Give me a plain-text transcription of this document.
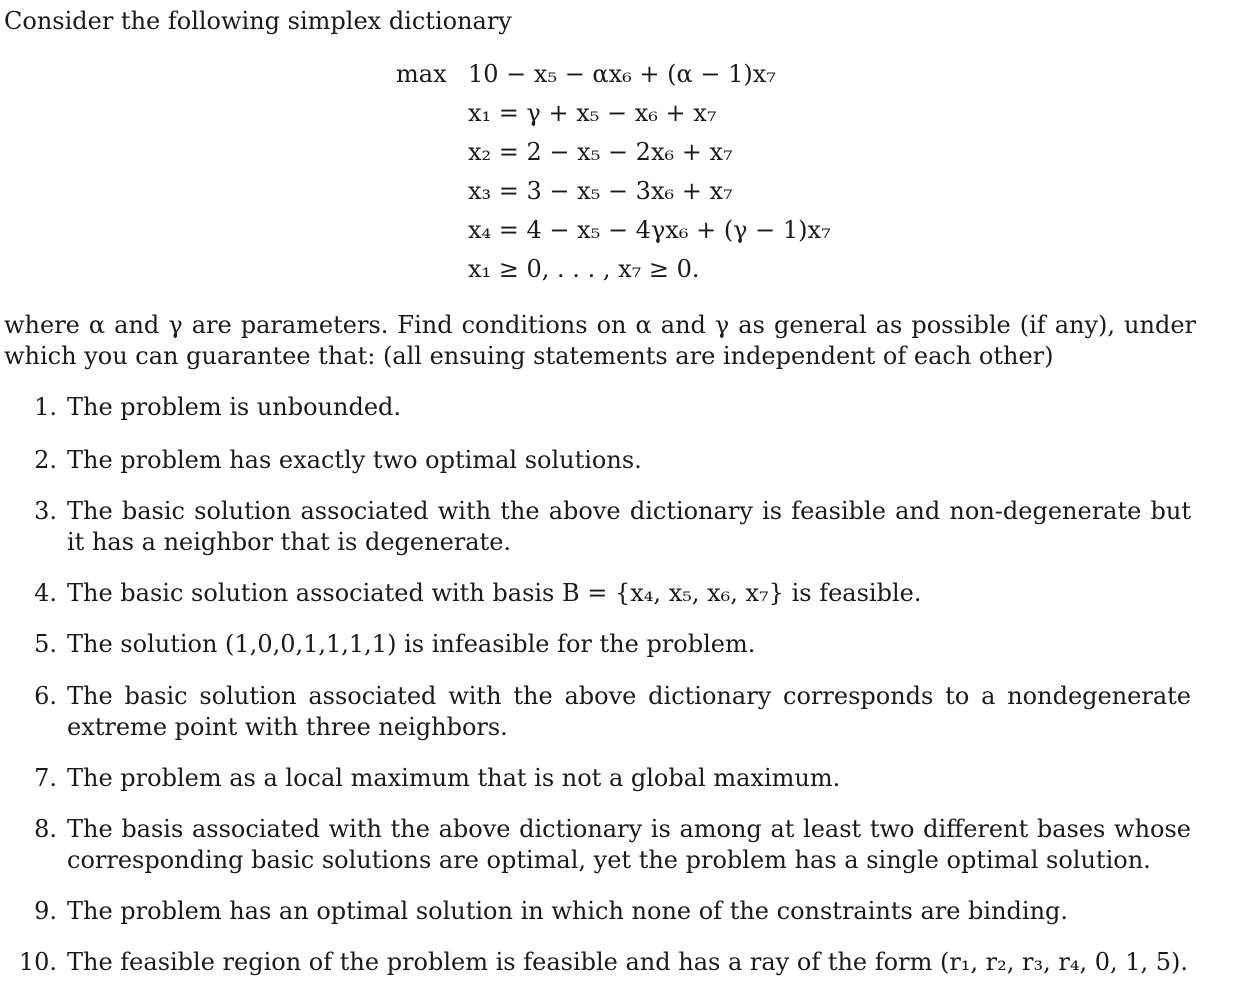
Consider the following simplex dictionary
max 10 − x₅ − αx₆ + (α − 1)x₇
x₁ = γ + x₅ − x₆ + x₇
x₂ = 2 − x₅ − 2x₆ + x₇
x₃ = 3 − x₅ − 3x₆ + x₇
x₄ = 4 − x₅ − 4γx₆ + (γ − 1)x₇
x₁ ≥ 0, . . . , x₇ ≥ 0.
where α and γ are parameters. Find conditions on α and γ as general as possible (if any), under which you can guarantee that: (all ensuing statements are independent of each other)
1. The problem is unbounded.
2. The problem has exactly two optimal solutions.
3. The basic solution associated with the above dictionary is feasible and non-degenerate but it has a neighbor that is degenerate.
4. The basic solution associated with basis B = {x₄, x₅, x₆, x₇} is feasible.
5. The solution (1,0,0,1,1,1,1) is infeasible for the problem.
6. The basic solution associated with the above dictionary corresponds to a nondegenerate extreme point with three neighbors.
7. The problem as a local maximum that is not a global maximum.
8. The basis associated with the above dictionary is among at least two different bases whose corresponding basic solutions are optimal, yet the problem has a single optimal solution.
9. The problem has an optimal solution in which none of the constraints are binding.
10. The feasible region of the problem is feasible and has a ray of the form (r₁, r₂, r₃, r₄, 0, 1, 5).
